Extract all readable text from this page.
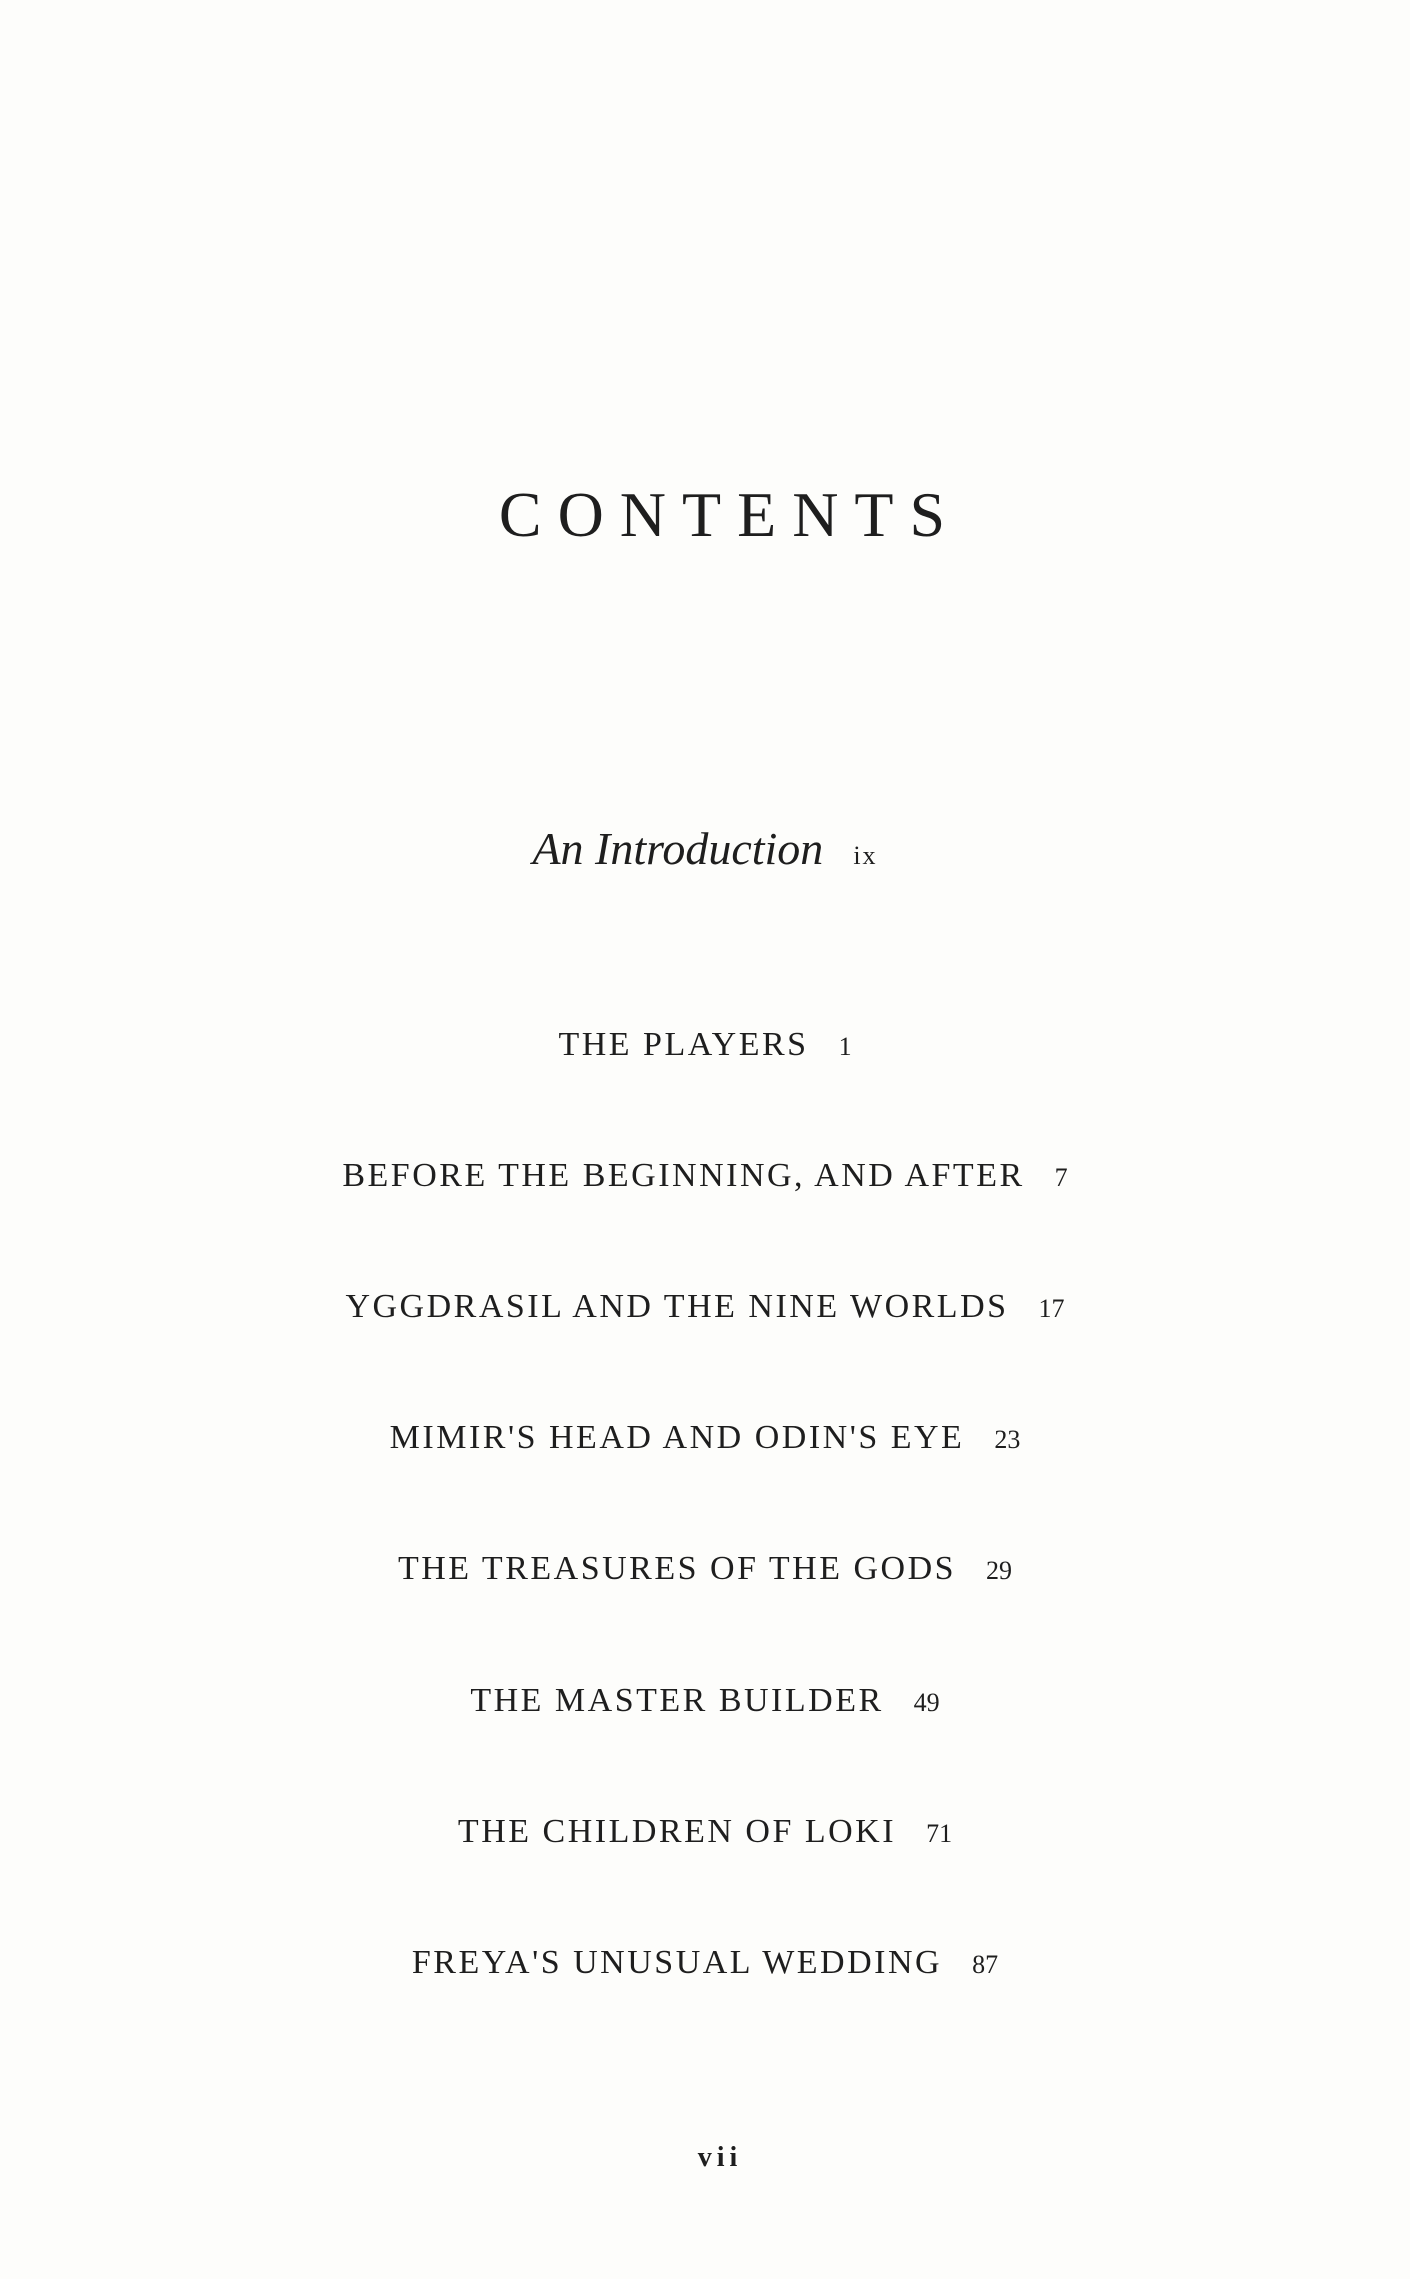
CONTENTS
An Introduction ix
THE PLAYERS 1
BEFORE THE BEGINNING, AND AFTER 7
YGGDRASIL AND THE NINE WORLDS 17
MIMIR'S HEAD AND ODIN'S EYE 23
THE TREASURES OF THE GODS 29
THE MASTER BUILDER 49
THE CHILDREN OF LOKI 71
FREYA'S UNUSUAL WEDDING 87
vii
